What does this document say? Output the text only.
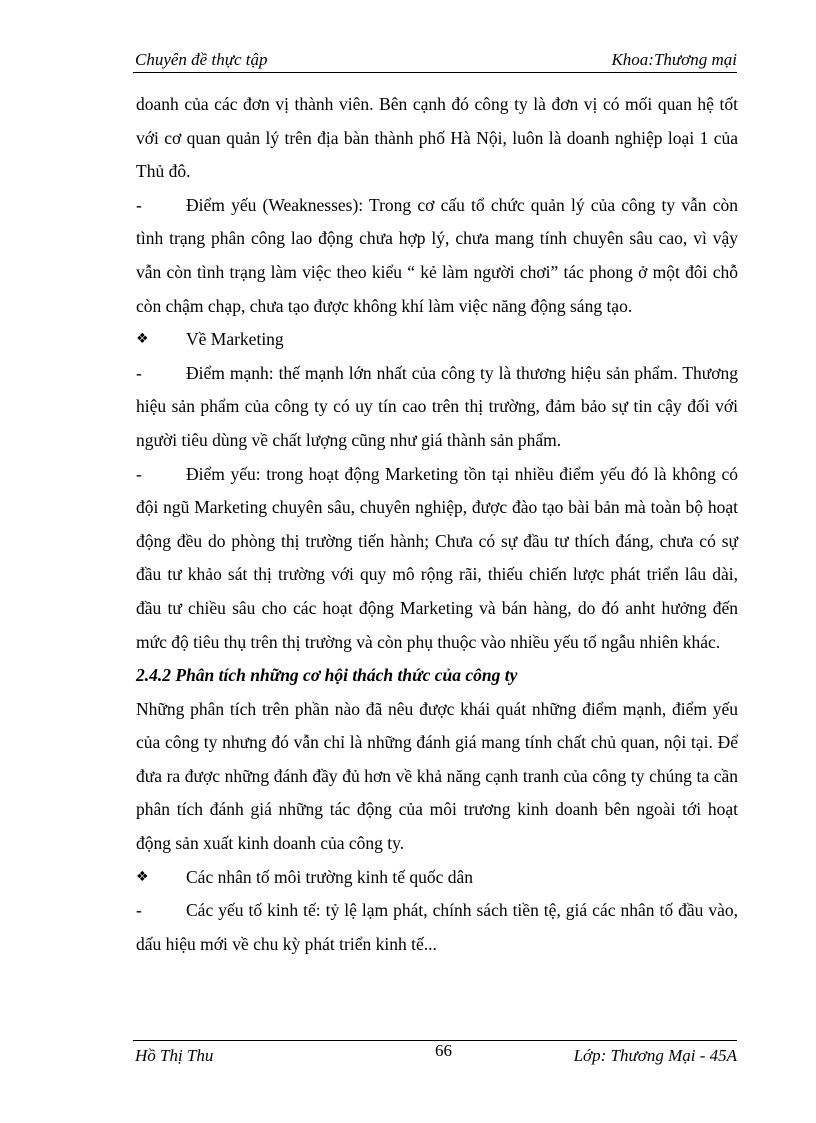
Chuyên đề thực tập	Khoa:Thương mại

doanh của các đơn vị thành viên. Bên cạnh đó công ty là đơn vị có mối quan hệ tốt với cơ quan quản lý trên địa bàn thành phố Hà Nội, luôn là doanh nghiệp loại 1 của Thủ đô.

-	Điểm yếu (Weaknesses): Trong cơ cấu tổ chức quản lý của công ty vẫn còn tình trạng phân công lao động chưa hợp lý, chưa mang tính chuyên sâu cao, vì vậy vẫn còn tình trạng làm việc theo kiểu “ kẻ làm người chơi” tác phong ở một đôi chỗ còn chậm chạp, chưa tạo được không khí làm việc năng động sáng tạo.

❖	Về Marketing

-	Điểm mạnh: thế mạnh lớn nhất của công ty là thương hiệu sản phẩm. Thương hiệu sản phẩm của công ty có uy tín cao trên thị trường, đảm bảo sự tin cậy đối với người tiêu dùng về chất lượng cũng như giá thành sản phẩm.

-	Điểm yếu: trong hoạt động Marketing tồn tại nhiều điểm yếu đó là không có đội ngũ Marketing chuyên sâu, chuyên nghiệp, được đào tạo bài bản mà toàn bộ hoạt động đều do phòng thị trường tiến hành; Chưa có sự đầu tư thích đáng, chưa có sự đầu tư khảo sát thị trường với quy mô rộng rãi, thiếu chiến lược phát triển lâu dài, đầu tư chiều sâu cho các hoạt động Marketing và bán hàng, do đó anht hưởng đến mức độ tiêu thụ trên thị trường và còn phụ thuộc vào nhiều yếu tố ngẫu nhiên khác.

2.4.2 Phân tích những cơ hội thách thức của công ty

Những phân tích trên phần nào đã nêu được khái quát những điểm mạnh, điểm yếu của công ty nhưng đó vẫn chỉ là những đánh giá mang tính chất chủ quan, nội tại. Để đưa ra được những đánh đầy đủ hơn về khả năng cạnh tranh của công ty chúng ta cần phân tích đánh giá những tác động của môi trương kinh doanh bên ngoài tới hoạt động sản xuất kinh doanh của công ty.

❖	Các nhân tố môi trường kinh tế quốc dân

-	Các yếu tố kinh tế: tỷ lệ lạm phát, chính sách tiền tệ, giá các nhân tố đầu vào, dấu hiệu mới về chu kỳ phát triển kinh tế...

Hồ Thị Thu	66	Lớp: Thương Mại - 45A
